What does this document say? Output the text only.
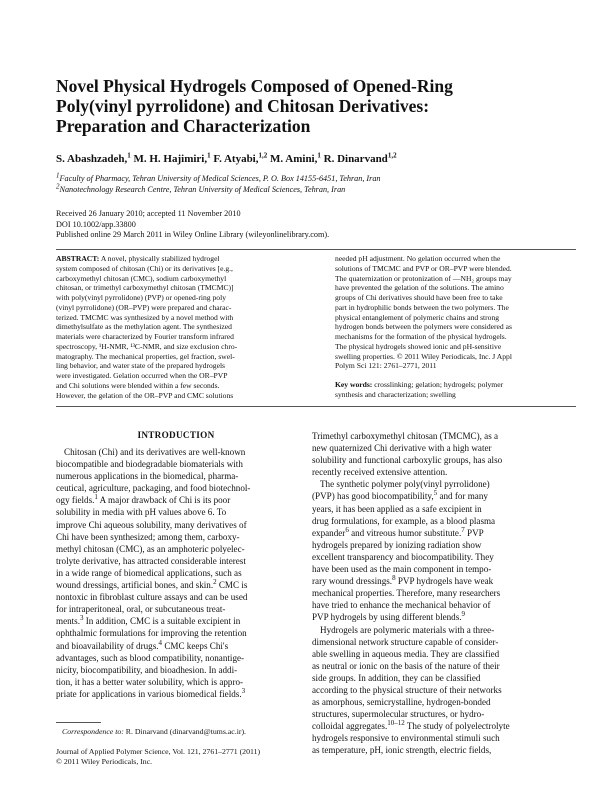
Novel Physical Hydrogels Composed of Opened-Ring
Poly(vinyl pyrrolidone) and Chitosan Derivatives:
Preparation and Characterization
S. Abashzadeh,$^1$ M. H. Hajimiri,$^1$ F. Atyabi,$^{1,2}$ M. Amini,$^1$ R. Dinarvand$^{1,2}$
$^1$Faculty of Pharmacy, Tehran University of Medical Sciences, P. O. Box 14155-6451, Tehran, Iran
$^2$Nanotechnology Research Centre, Tehran University of Medical Sciences, Tehran, Iran
Received 26 January 2010; accepted 11 November 2010
DOI 10.1002/app.33800
Published online 29 March 2011 in Wiley Online Library (wileyonlinelibrary.com).
ABSTRACT: A novel, physically stabilized hydrogel
system composed of chitosan (Chi) or its derivatives [e.g.,
carboxymethyl chitosan (CMC), sodium carboxymethyl
chitosan, or trimethyl carboxymethyl chitosan (TMCMC)]
with poly(vinyl pyrrolidone) (PVP) or opened-ring poly
(vinyl pyrrolidone) (OR–PVP) were prepared and charac-
terized. TMCMC was synthesized by a novel method with
dimethylsulfate as the methylation agent. The synthesized
materials were characterized by Fourier transform infrared
spectroscopy, ¹H-NMR, ¹³C-NMR, and size exclusion chro-
matography. The mechanical properties, gel fraction, swel-
ling behavior, and water state of the prepared hydrogels
were investigated. Gelation occurred when the OR–PVP
and Chi solutions were blended within a few seconds.
However, the gelation of the OR–PVP and CMC solutions
needed pH adjustment. No gelation occurred when the
solutions of TMCMC and PVP or OR–PVP were blended.
The quaternization or protonization of —NH₂ groups may
have prevented the gelation of the solutions. The amino
groups of Chi derivatives should have been free to take
part in hydrophilic bonds between the two polymers. The
physical entanglement of polymeric chains and strong
hydrogen bonds between the polymers were considered as
mechanisms for the formation of the physical hydrogels.
The physical hydrogels showed ionic and pH-sensitive
swelling properties. © 2011 Wiley Periodicals, Inc. J Appl
Polym Sci 121: 2761–2771, 2011
Key words: crosslinking; gelation; hydrogels; polymer
synthesis and characterization; swelling
INTRODUCTION
Chitosan (Chi) and its derivatives are well-known
biocompatible and biodegradable biomaterials with
numerous applications in the biomedical, pharma-
ceutical, agriculture, packaging, and food biotechnol-
ogy fields.$^1$ A major drawback of Chi is its poor
solubility in media with pH values above 6. To
improve Chi aqueous solubility, many derivatives of
Chi have been synthesized; among them, carboxy-
methyl chitosan (CMC), as an amphoteric polyelec-
trolyte derivative, has attracted considerable interest
in a wide range of biomedical applications, such as
wound dressings, artificial bones, and skin.$^2$ CMC is
nontoxic in fibroblast culture assays and can be used
for intraperitoneal, oral, or subcutaneous treat-
ments.$^3$ In addition, CMC is a suitable excipient in
ophthalmic formulations for improving the retention
and bioavailability of drugs.$^4$ CMC keeps Chi's
advantages, such as blood compatibility, nonantige-
nicity, biocompatibility, and bioadhesion. In addi-
tion, it has a better water solubility, which is appro-
priate for applications in various biomedical fields.$^3$
Trimethyl carboxymethyl chitosan (TMCMC), as a
new quaternized Chi derivative with a high water
solubility and functional carboxylic groups, has also
recently received extensive attention.
The synthetic polymer poly(vinyl pyrrolidone)
(PVP) has good biocompatibility,$^5$ and for many
years, it has been applied as a safe excipient in
drug formulations, for example, as a blood plasma
expander$^6$ and vitreous humor substitute.$^7$ PVP
hydrogels prepared by ionizing radiation show
excellent transparency and biocompatibility. They
have been used as the main component in tempo-
rary wound dressings.$^8$ PVP hydrogels have weak
mechanical properties. Therefore, many researchers
have tried to enhance the mechanical behavior of
PVP hydrogels by using different blends.$^9$
Hydrogels are polymeric materials with a three-
dimensional network structure capable of consider-
able swelling in aqueous media. They are classified
as neutral or ionic on the basis of the nature of their
side groups. In addition, they can be classified
according to the physical structure of their networks
as amorphous, semicrystalline, hydrogen-bonded
structures, supermolecular structures, or hydro-
colloidal aggregates.$^{10-12}$ The study of polyelectrolyte
hydrogels responsive to environmental stimuli such
as temperature, pH, ionic strength, electric fields,
Correspondence to: R. Dinarvand (dinarvand@tums.ac.ir).
Journal of Applied Polymer Science, Vol. 121, 2761–2771 (2011)
© 2011 Wiley Periodicals, Inc.
